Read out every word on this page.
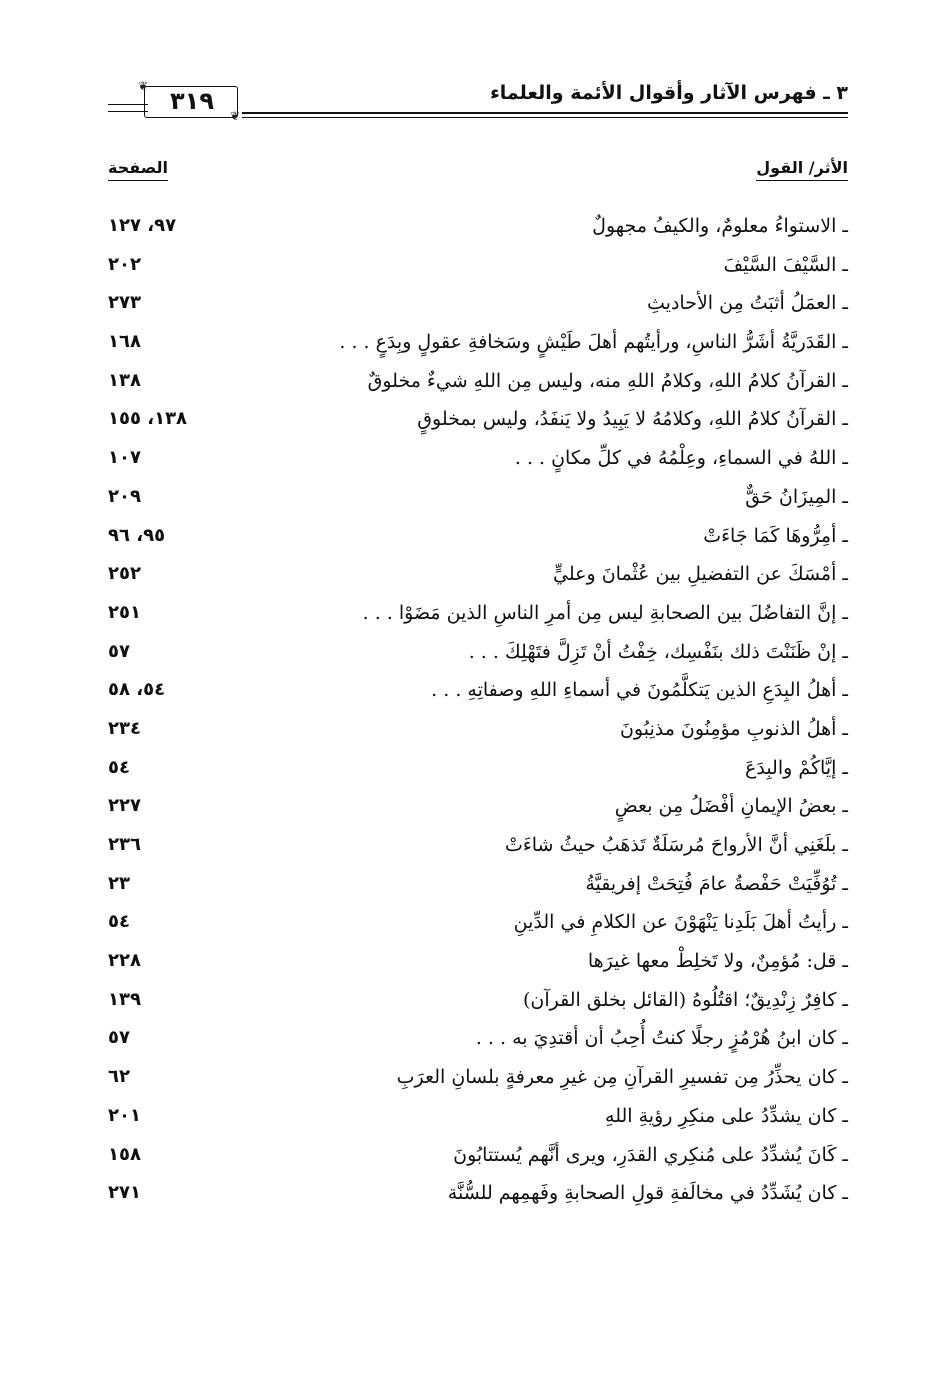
٣ ـ فهرس الآثار وأقوال الأئمة والعلماء
❦
❦
٣١٩
الأثر/ القول
الصفحة
ـ الاستواءُ معلومٌ، والكيفُ مجهولٌ
٩٧، ١٢٧
ـ السَّيْفَ السَّيْفَ
٢٠٢
ـ العمَلُ أثبَتُ مِن الأحاديثِ
٢٧٣
ـ القَدَريَّةُ أشَرُّ الناسِ، ورأيتُهم أهلَ طَيْشٍ وسَخافةِ عقولٍ وبِدَعٍ . . .
١٦٨
ـ القرآنُ كلامُ اللهِ، وكلامُ اللهِ منه، وليس مِن اللهِ شيءٌ مخلوقٌ
١٣٨
ـ القرآنُ كلامُ اللهِ، وكلامُهُ لا يَبِيدُ ولا يَنفَدُ، وليس بمخلوقٍ
١٣٨، ١٥٥
ـ اللهُ في السماءِ، وعِلْمُهُ في كلِّ مكانٍ . . .
١٠٧
ـ المِيزَانُ حَقٌّ
٢٠٩
ـ أمِرُّوهَا كَمَا جَاءَتْ
٩٥، ٩٦
ـ أمْسَكَ عن التفضيلِ بين عُثْمانَ وعليٍّ
٢٥٢
ـ إنَّ التفاضُلَ بين الصحابةِ ليس مِن أمرِ الناسِ الذين مَضَوْا . . .
٢٥١
ـ إنْ ظَنَنْتَ ذلك بنَفْسِك، خِفْتُ أنْ تَزِلَّ فتَهْلِكَ . . .
٥٧
ـ أهلُ البِدَعِ الذين يَتكلَّمُونَ في أسماءِ اللهِ وصفاتِهِ . . .
٥٤، ٥٨
ـ أهلُ الذنوبِ مؤمِنُونَ مذنِبُونَ
٢٣٤
ـ إيَّاكُمْ والبِدَعَ
٥٤
ـ بعضُ الإيمانِ أفْضَلُ مِن بعضٍ
٢٢٧
ـ بلَغَنِي أنَّ الأرواحَ مُرسَلَةٌ تَذهَبُ حيثُ شاءَتْ
٢٣٦
ـ تُوُفِّيَتْ حَفْصةُ عامَ فُتِحَتْ إفريقيَّةُ
٢٣
ـ رأيتُ أهلَ بَلَدِنا يَنْهَوْنَ عن الكلامِ في الدِّينِ
٥٤
ـ قل: مُؤمِنٌ، ولا تَخلِطْ معها غيرَها
٢٢٨
ـ كافِرٌ زِنْدِيقٌ؛ اقتُلُوهُ (القائل بخلق القرآن)
١٣٩
ـ كان ابنُ هُرْمُزٍ رجلًا كنتُ أُحِبُ أن أقتدِيَ به . . .
٥٧
ـ كان يحذِّرُ مِن تفسيرِ القرآنِ مِن غيرِ معرفةٍ بلسانِ العرَبِ
٦٢
ـ كان يشدِّدُ على منكِرِ رؤيةِ اللهِ
٢٠١
ـ كَانَ يُشدِّدُ على مُنكِري القدَرِ، ويرى أنَّهم يُستتابُونَ
١٥٨
ـ كان يُشَدِّدُ في مخالَفةِ قولِ الصحابةِ وفَهمِهم للسُّنَّة
٢٧١
